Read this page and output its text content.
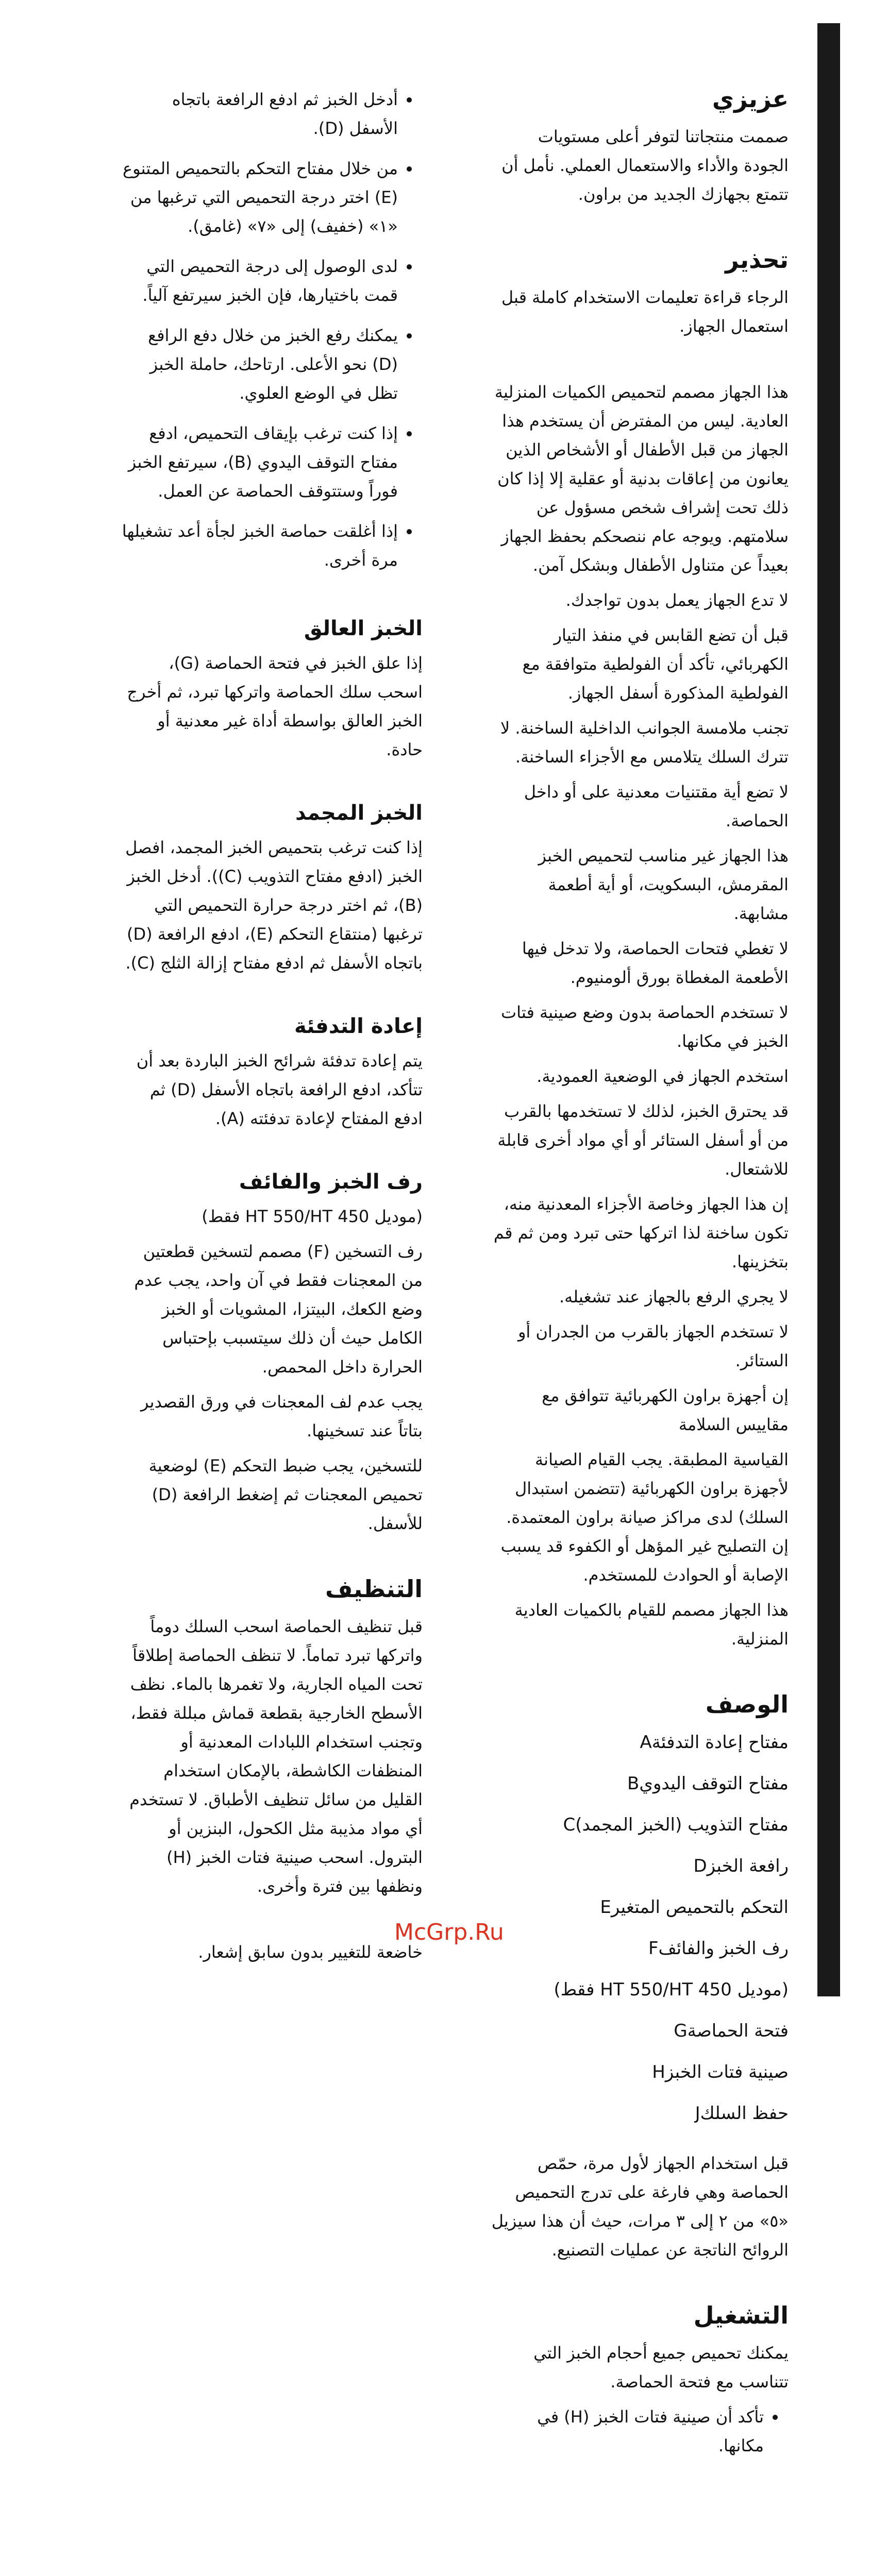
عزيزي

صممت منتجاتنا لتوفر أعلى مستويات الجودة والأداء والاستعمال العملي. نأمل أن تتمتع بجهازك الجديد من براون.

تحذير

الرجاء قراءة تعليمات الاستخدام كاملة قبل استعمال الجهاز.

هذا الجهاز مصمم لتحميص الكميات المنزلية العادية. ليس من المفترض أن يستخدم هذا الجهاز من قبل الأطفال أو الأشخاص الذين يعانون من إعاقات بدنية أو عقلية إلا إذا كان ذلك تحت إشراف شخص مسؤول عن سلامتهم. ويوجه عام ننصحكم بحفظ الجهاز بعيداً عن متناول الأطفال وبشكل آمن.

لا تدع الجهاز يعمل بدون تواجدك.

قبل أن تضع القابس في منفذ التيار الكهربائي، تأكد أن الفولطية متوافقة مع الفولطية المذكورة أسفل الجهاز.

تجنب ملامسة الجوانب الداخلية الساخنة. لا تترك السلك يتلامس مع الأجزاء الساخنة.

لا تضع أية مقتنيات معدنية على أو داخل الحماصة.

هذا الجهاز غير مناسب لتحميص الخبز المقرمش، البسكويت، أو أية أطعمة مشابهة.

لا تغطي فتحات الحماصة، ولا تدخل فيها الأطعمة المغطاة بورق ألومنيوم.

لا تستخدم الحماصة بدون وضع صينية فتات الخبز في مكانها.

استخدم الجهاز في الوضعية العمودية.

قد يحترق الخبز، لذلك لا تستخدمها بالقرب من أو أسفل الستائر أو أي مواد أخرى قابلة للاشتعال.

إن هذا الجهاز وخاصة الأجزاء المعدنية منه، تكون ساخنة لذا اتركها حتى تبرد ومن ثم قم بتخزينها.

لا يجري الرفع بالجهاز عند تشغيله.

لا تستخدم الجهاز بالقرب من الجدران أو الستائر.

إن أجهزة براون الكهربائية تتوافق مع مقاييس السلامة

القياسية المطبقة. يجب القيام الصيانة لأجهزة براون الكهربائية (تتضمن استبدال السلك) لدى مراكز صيانة براون المعتمدة. إن التصليح غير المؤهل أو الكفوء قد يسبب الإصابة أو الحوادث للمستخدم.

هذا الجهاز مصمم للقيام بالكميات العادية المنزلية.

الوصف
مفتاح إعادة التدفئة
A
مفتاح التوقف اليدوي
B
مفتاح التذويب (الخبز المجمد)
C
رافعة الخبز
D
التحكم بالتحميص المتغير
E
رف الخبز والفائف
F
(موديل HT 550/HT 450 فقط)
فتحة الحماصة
G
صينية فتات الخبز
H
حفظ السلك
J

قبل استخدام الجهاز لأول مرة، حمّص الحماصة وهي فارغة على تدرج التحميص «٥» من ٢ إلى ٣ مرات، حيث أن هذا سيزيل الروائح الناتجة عن عمليات التصنيع.

التشغيل

يمكنك تحميص جميع أحجام الخبز التي تتناسب مع فتحة الحماصة.

• تأكد أن صينية فتات الخبز (H) في مكانها.
• أدخل الخبز ثم ادفع الرافعة باتجاه الأسفل (D).
• من خلال مفتاح التحكم بالتحميص المتنوع (E) اختر درجة التحميص التي ترغبها من «١» (خفيف) إلى «٧» (غامق).
• لدى الوصول إلى درجة التحميص التي قمت باختيارها، فإن الخبز سيرتفع آلياً.
• يمكنك رفع الخبز من خلال دفع الرافع (D) نحو الأعلى. ارتاحك، حاملة الخبز تظل في الوضع العلوي.
• إذا كنت ترغب بإيقاف التحميص، ادفع مفتاح التوقف اليدوي (B)، سيرتفع الخبز فوراً وستتوقف الحماصة عن العمل.
• إذا أغلقت حماصة الخبز لجأة أعد تشغيلها مرة أخرى.
الخبز العالق

إذا علق الخبز في فتحة الحماصة (G)، اسحب سلك الحماصة واتركها تبرد، ثم أخرج الخبز العالق بواسطة أداة غير معدنية أو حادة.

الخبز المجمد

إذا كنت ترغب بتحميص الخبز المجمد، افصل الخبز (ادفع مفتاح التذويب (C)). أدخل الخبز (B)، ثم اختر درجة حرارة التحميص التي ترغبها (منتقاع التحكم (E)، ادفع الرافعة (D) باتجاه الأسفل ثم ادفع مفتاح إزالة الثلج (C).

إعادة التدفئة

يتم إعادة تدفئة شرائح الخبز الباردة بعد أن تتأكد، ادفع الرافعة باتجاه الأسفل (D) ثم ادفع المفتاح لإعادة تدفئته (A).

رف الخبز والفائف

(موديل HT 550/HT 450 فقط)

رف التسخين (F) مصمم لتسخين قطعتين من المعجنات فقط في آن واحد، يجب عدم وضع الكعك، البيتزا، المشويات أو الخبز الكامل حيث أن ذلك سيتسبب بإحتباس الحرارة داخل المحمص.

يجب عدم لف المعجنات في ورق القصدير بتاتاً عند تسخينها.

للتسخين، يجب ضبط التحكم (E) لوضعية تحميص المعجنات ثم إضغط الرافعة (D) للأسفل.

التنظيف

قبل تنظيف الحماصة اسحب السلك دوماً واتركها تبرد تماماً. لا تنظف الحماصة إطلاقاً تحت المياه الجارية، ولا تغمرها بالماء. نظف الأسطح الخارجية بقطعة قماش مبللة فقط، وتجنب استخدام اللبادات المعدنية أو المنظفات الكاشطة، بالإمكان استخدام القليل من سائل تنظيف الأطباق. لا تستخدم أي مواد مذيبة مثل الكحول، البنزين أو البترول. اسحب صينية فتات الخبز (H) ونظفها بين فترة وأخرى.

خاضعة للتغيير بدون سابق إشعار.

McGrp.Ru
